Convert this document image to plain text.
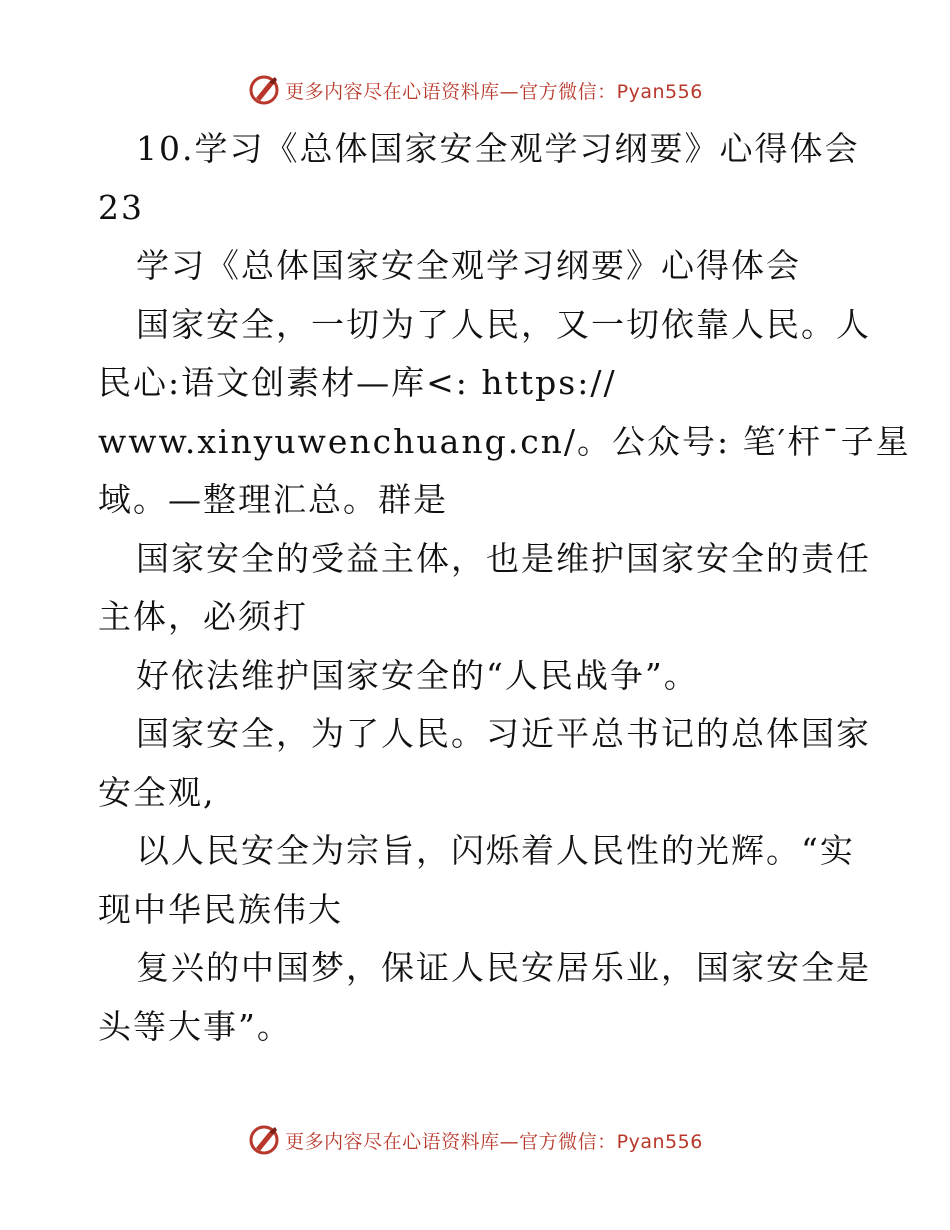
更多内容尽在心语资料库—官方微信：Pyan556
10.学习《总体国家安全观学习纲要》心得体会
23
学习《总体国家安全观学习纲要》心得体会
国家安全，一切为了人民，又一切依靠人民。人
民心:语文创素材—库<: https://
www.xinyuwenchuang.cn/。公众号: 笔′杆¯子星
域。—整理汇总。群是
国家安全的受益主体，也是维护国家安全的责任
主体，必须打
好依法维护国家安全的“人民战争”。
国家安全，为了人民。习近平总书记的总体国家
安全观,
以人民安全为宗旨，闪烁着人民性的光辉。“实
现中华民族伟大
复兴的中国梦，保证人民安居乐业，国家安全是
头等大事”。
更多内容尽在心语资料库—官方微信：Pyan556
